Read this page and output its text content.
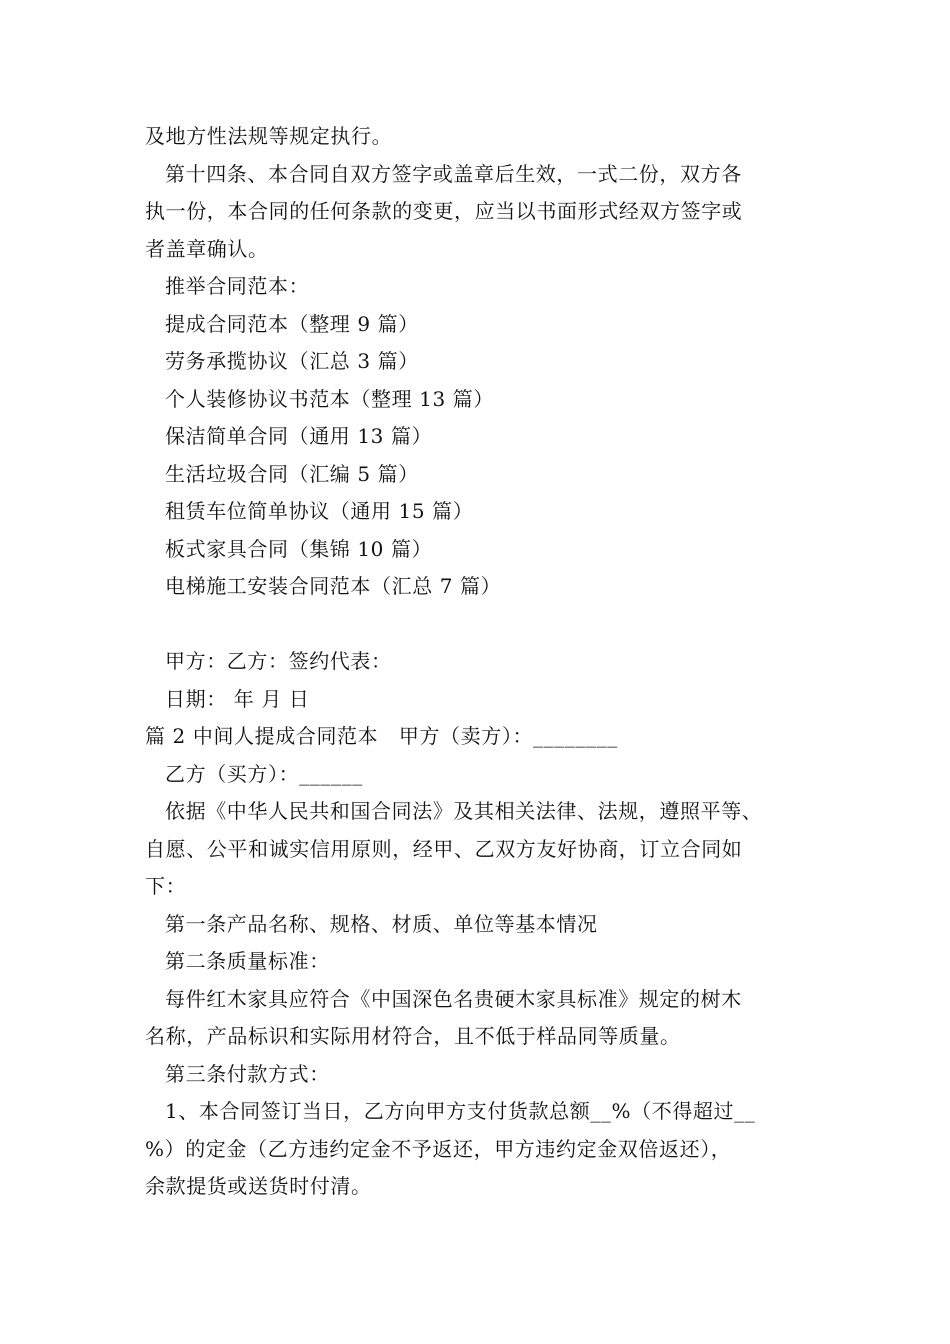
及地方性法规等规定执行。
第十四条、本合同自双方签字或盖章后生效，一式二份，双方各
执一份，本合同的任何条款的变更，应当以书面形式经双方签字或
者盖章确认。
推举合同范本：
提成合同范本（整理 9 篇）
劳务承揽协议（汇总 3 篇）
个人装修协议书范本（整理 13 篇）
保洁简单合同（通用 13 篇）
生活垃圾合同（汇编 5 篇）
租赁车位简单协议（通用 15 篇）
板式家具合同（集锦 10 篇）
电梯施工安装合同范本（汇总 7 篇）
甲方：乙方：签约代表：
日期： 年 月 日
篇 2 中间人提成合同范本　甲方（卖方）：________
乙方（买方）：______
依据《中华人民共和国合同法》及其相关法律、法规，遵照平等、
自愿、公平和诚实信用原则，经甲、乙双方友好协商，订立合同如
下：
第一条产品名称、规格、材质、单位等基本情况
第二条质量标准：
每件红木家具应符合《中国深色名贵硬木家具标准》规定的树木
名称，产品标识和实际用材符合，且不低于样品同等质量。
第三条付款方式：
1、本合同签订当日，乙方向甲方支付货款总额__%（不得超过__
%）的定金（乙方违约定金不予返还，甲方违约定金双倍返还），
余款提货或送货时付清。
